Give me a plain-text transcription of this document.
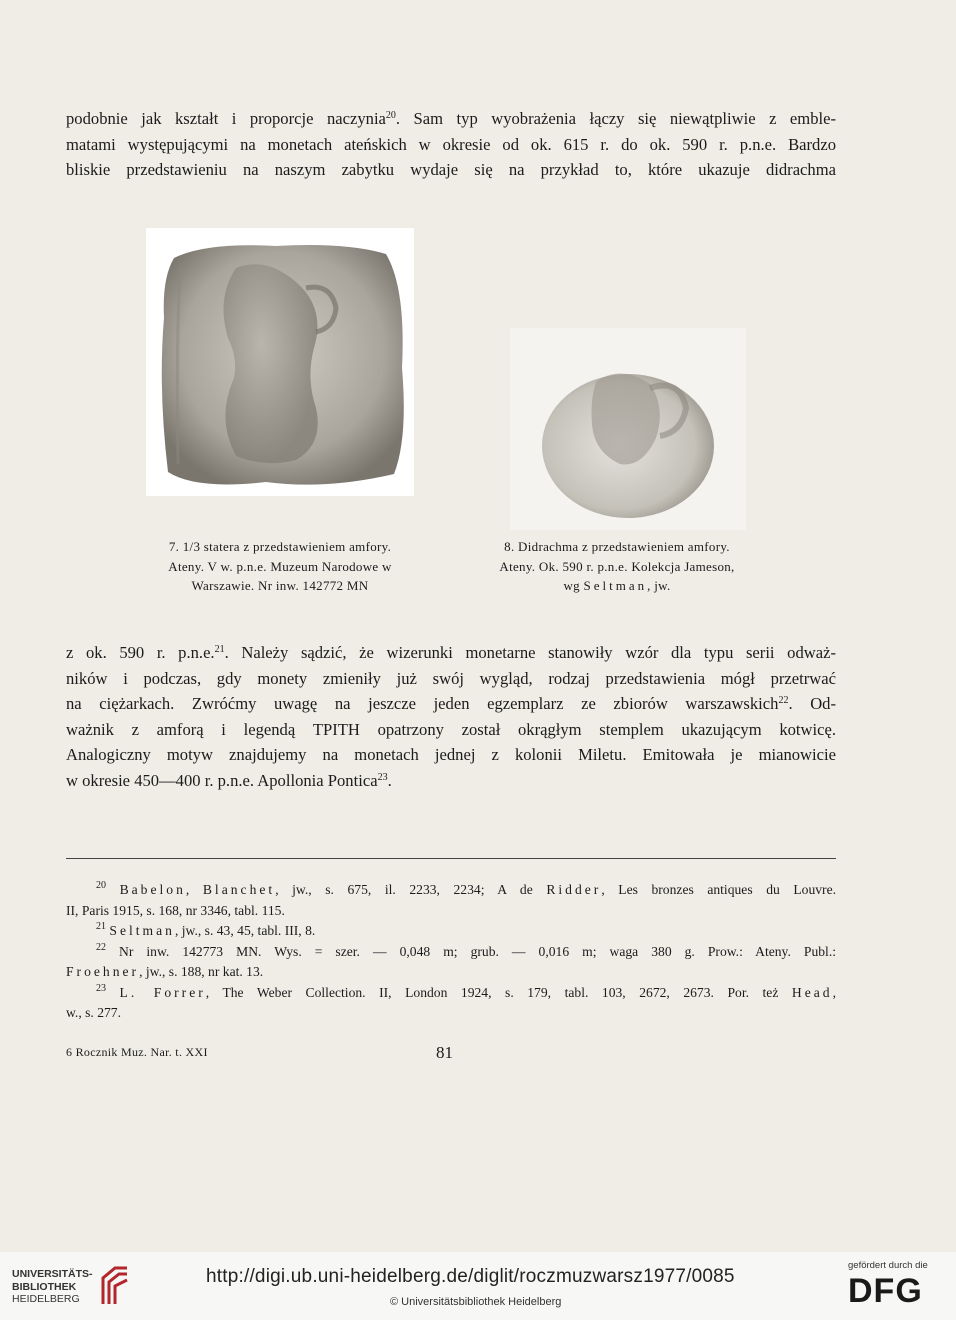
podobnie jak kształt i proporcje naczynia$^{20}$. Sam typ wyobrażenia łączy się niewątpliwie z emble-
matami występującymi na monetach ateńskich w okresie od ok. 615 r. do ok. 590 r. p.n.e. Bardzo
bliskie przedstawieniu na naszym zabytku wydaje się na przykład to, które ukazuje didrachma
7. 1/3 statera z przedstawieniem amfory.
Ateny. V w. p.n.e. Muzeum Narodowe w
Warszawie. Nr inw. 142772 MN
8. Didrachma z przedstawieniem amfory.
Ateny. Ok. 590 r. p.n.e. Kolekcja Jameson,
wg Seltman, jw.
z ok. 590 r. p.n.e.$^{21}$. Należy sądzić, że wizerunki monetarne stanowiły wzór dla typu serii odważ-
ników i podczas, gdy monety zmieniły już swój wygląd, rodzaj przedstawienia mógł przetrwać
na ciężarkach. Zwróćmy uwagę na jeszcze jeden egzemplarz ze zbiorów warszawskich$^{22}$. Od-
ważnik z amforą i legendą ΤΡΙΤΗ opatrzony został okrągłym stemplem ukazującym kotwicę.
Analogiczny motyw znajdujemy na monetach jednej z kolonii Miletu. Emitowała je mianowicie
w okresie 450—400 r. p.n.e. Apollonia Pontica$^{23}$.
$^{20}$ Babelon, Blanchet, jw., s. 675, il. 2233, 2234; A de Ridder, Les bronzes antiques du Louvre.
II, Paris 1915, s. 168, nr 3346, tabl. 115.
$^{21}$ Seltman, jw., s. 43, 45, tabl. III, 8.
$^{22}$ Nr inw. 142773 MN. Wys. = szer. — 0,048 m; grub. — 0,016 m; waga 380 g. Prow.: Ateny. Publ.:
Froehner, jw., s. 188, nr kat. 13.
$^{23}$ L. Forrer, The Weber Collection. II, London 1924, s. 179, tabl. 103, 2672, 2673. Por. też Head,
w., s. 277.
6 Rocznik Muz. Nar. t. XXI	81
UNIVERSITÄTS-
BIBLIOTHEK
HEIDELBERG
http://digi.ub.uni-heidelberg.de/diglit/roczmuzwarsz1977/0085
© Universitätsbibliothek Heidelberg
gefördert durch die
DFG
